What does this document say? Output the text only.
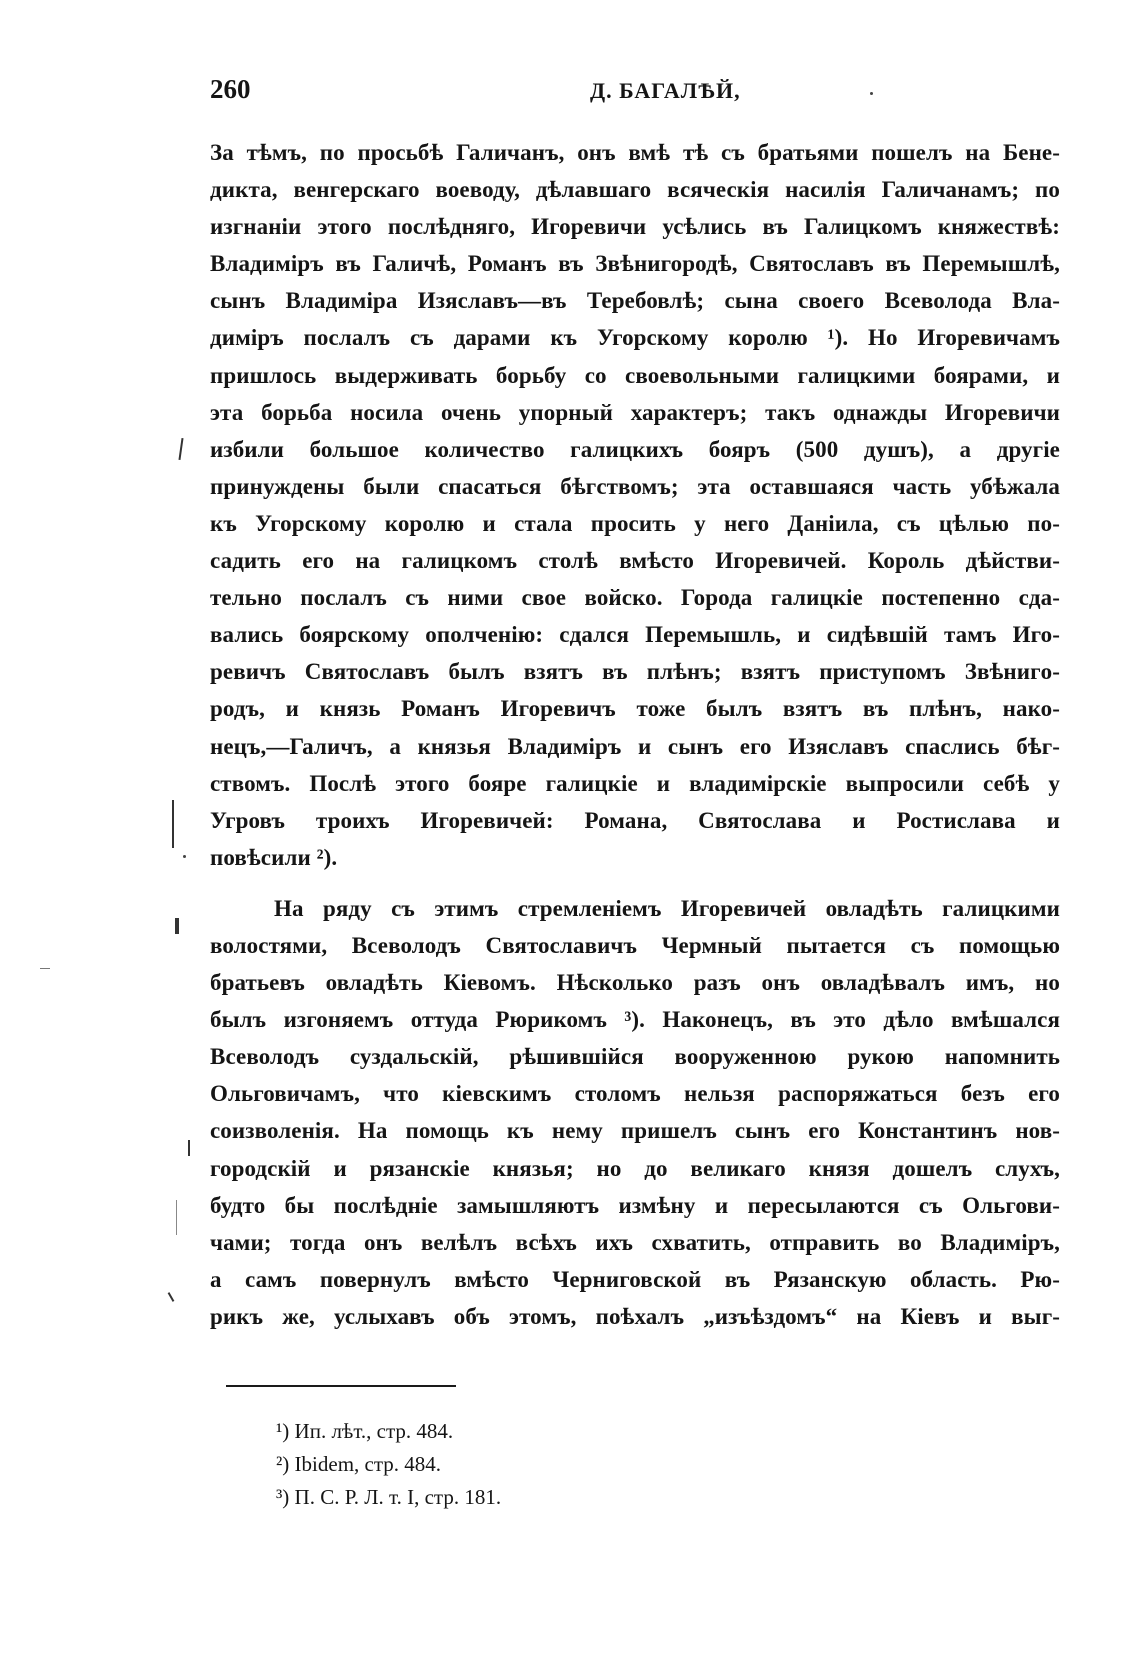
260	Д. БАГАЛѢЙ,
За тѣмъ, по просьбѣ Галичанъ, онъ вмѣ тѣ съ братьями пошелъ на Бене-
дикта, венгерскаго воеводу, дѣлавшаго всяческія насилія Галичанамъ; по
изгнаніи этого послѣдняго, Игоревичи усѣлись въ Галицкомъ княжествѣ:
Владиміръ въ Галичѣ, Романъ въ Звѣнигородѣ, Святославъ въ Перемышлѣ,
сынъ Владиміра Изяславъ—въ Теребовлѣ; сына своего Всеволода Вла-
диміръ послалъ съ дарами къ Угорскому королю ¹). Но Игоревичамъ
пришлось выдерживать борьбу со своевольными галицкими боярами, и
эта борьба носила очень упорный характеръ; такъ однажды Игоревичи
избили большое количество галицкихъ бояръ (500 душъ), а другіе
принуждены были спасаться бѣгствомъ; эта оставшаяся часть убѣжала
къ Угорскому королю и стала просить у него Даніила, съ цѣлью по-
садить его на галицкомъ столѣ вмѣсто Игоревичей. Король дѣйстви-
тельно послалъ съ ними свое войско. Города галицкіе постепенно сда-
вались боярскому ополченію: сдался Перемышль, и сидѣвшій тамъ Иго-
ревичъ Святославъ былъ взятъ въ плѣнъ; взятъ приступомъ Звѣнигo-
родъ, и князь Романъ Игоревичъ тоже былъ взятъ въ плѣнъ, нако-
нецъ,—Галичъ, а князья Владиміръ и сынъ его Изяславъ спаслись бѣг-
ствомъ. Послѣ этого бояре галицкіе и владимірскіе выпросили себѣ у
Угровъ троихъ Игоревичей: Романа, Святослава и Ростислава и
повѣсили ²).
На ряду съ этимъ стремленіемъ Игоревичей овладѣть галицкими
волостями, Всеволодъ Святославичъ Чермный пытается съ помощью
братьевъ овладѣть Кіевомъ. Нѣсколько разъ онъ овладѣвалъ имъ, но
былъ изгоняемъ оттуда Рюрикомъ ³). Наконецъ, въ это дѣло вмѣшался
Всеволодъ суздальскій, рѣшившійся вооруженною рукою напомнить
Ольговичамъ, что кіевскимъ столомъ нельзя распоряжаться безъ его
соизволенія. На помощь къ нему пришелъ сынъ его Константинъ нов-
городскій и рязанскіе князья; но до великаго князя дошелъ слухъ,
будто бы послѣдніе замышляютъ измѣну и пересылаются съ Ольгови-
чами; тогда онъ велѣлъ всѣхъ ихъ схватить, отправить во Владиміръ,
а самъ повернулъ вмѣсто Черниговской въ Рязанскую область. Рю-
рикъ же, услыхавъ объ этомъ, поѣхалъ „изъѣздомъ“ на Кіевъ и выг-
¹) Ип. лѣт., стр. 484.
²) Ibidem, стр. 484.
³) П. С. Р. Л. т. I, стр. 181.
